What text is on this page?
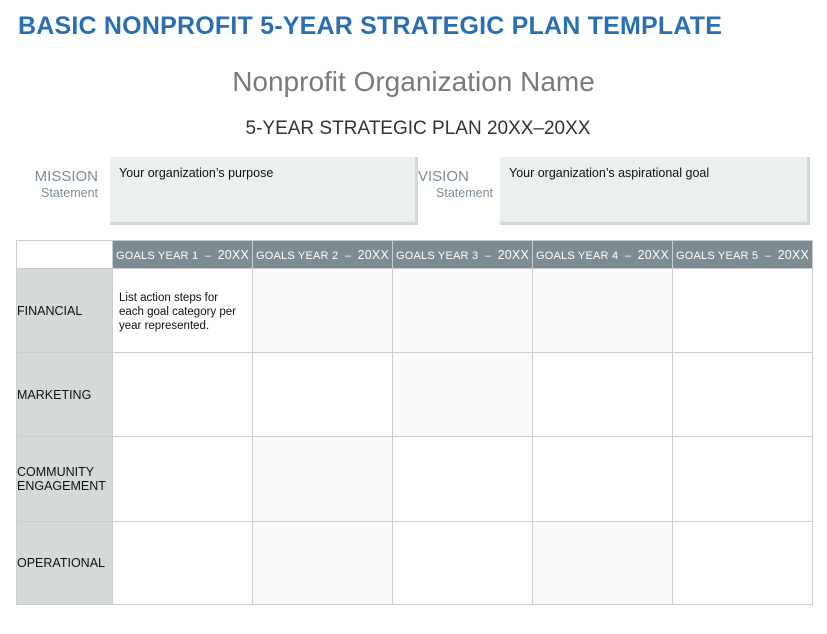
BASIC NONPROFIT 5-YEAR STRATEGIC PLAN TEMPLATE
Nonprofit Organization Name
5-YEAR STRATEGIC PLAN 20XX–20XX
MISSION
Statement
Your organization’s purpose	VISION
Statement
Your organization’s aspirational goal
	GOALS YEAR 1 – 20XX	GOALS YEAR 2 – 20XX	GOALS YEAR 3 – 20XX	GOALS YEAR 4 – 20XX	GOALS YEAR 5 – 20XX
FINANCIAL	List action steps for each goal category per year represented.				

MARKETING					
COMMUNITY ENGAGEMENT					
OPERATIONAL					
